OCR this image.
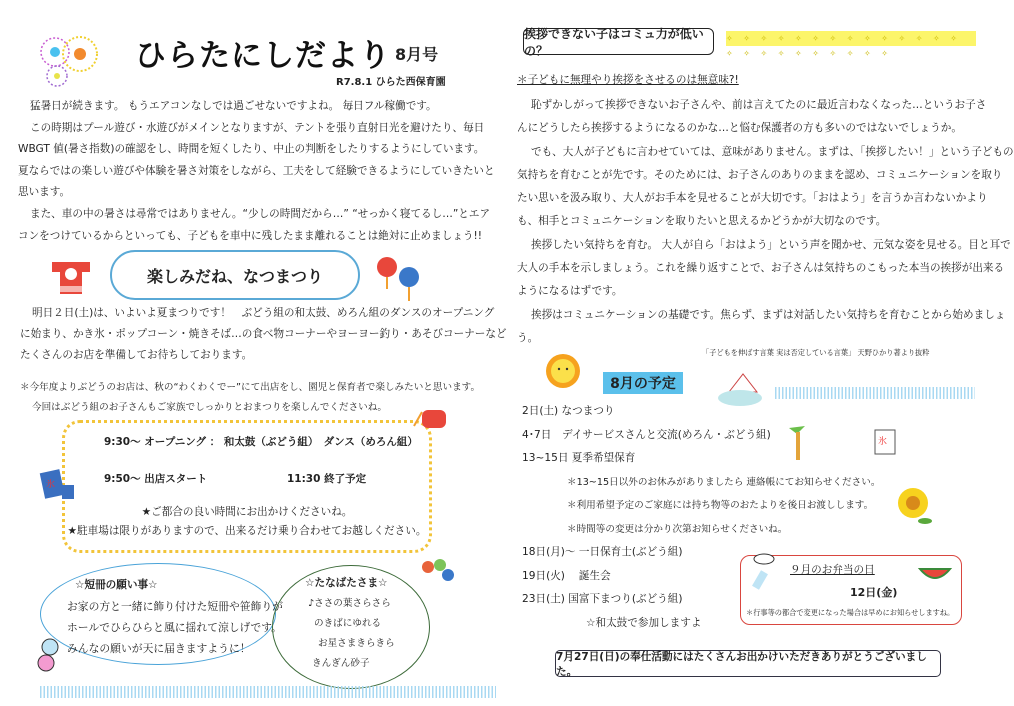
ひらたにしだより 8月号
R7.8.1 ひらた西保育園
猛暑日が続きます。 もうエアコンなしでは過ごせないですよね。 毎日フル稼働です。
この時期はプール遊び・水遊びがメインとなりますが、テントを張り直射日光を避けたり、毎日
WBGT 値(暑さ指数)の確認をし、時間を短くしたり、中止の判断をしたりするようにしています。
夏ならではの楽しい遊びや体験を暑さ対策をしながら、工夫をして経験できるようにしていきたいと
思います。
また、車の中の暑さは尋常ではありません。“少しの時間だから…” “せっかく寝てるし…”とエア
コンをつけているからといっても、子どもを車中に残したまま離れることは絶対に止めましょう!!
楽しみだね、なつまつり
明日２日(土)は、いよいよ夏まつりです！　ぶどう組の和太鼓、めろん組のダンスのオープニング
に始まり、かき氷・ポップコーン・焼きそば…の食べ物コーナーやヨーヨー釣り・あそびコーナーなど
たくさんのお店を準備してお待ちしております。
＊今年度よりぶどうのお店は、秋の“わくわくでー”にて出店をし、園児と保育者で楽しみたいと思います。
今回はぶどう組のお子さんもご家族でしっかりとおまつりを楽しんでくださいね。
9:30～ オープニング ： 和太鼓（ぶどう組）　ダンス（めろん組）
9:50～ 出店スタート	11:30 終了予定
★ご都合の良い時間にお出かけくださいね。
★駐車場は限りがありますので、出来るだけ乗り合わせてお越しください。
氷
☆短冊の願い事☆
お家の方と一緒に飾り付けた短冊や笹飾りが
ホールでひらひらと風に揺れて涼しげです。
みんなの願いが天に届きますように！
☆たなばたさま☆
♪ささの葉さらさら
のきばにゆれる
お星さまきらきら
きんぎん砂子
挨拶できない子はコミュ力が低いの？
✧ ✧ ✧ ✧ ✧ ✧ ✧ ✧ ✧ ✧ ✧ ✧ ✧ ✧ ✧ ✧ ✧ ✧ ✧ ✧ ✧ ✧ ✧ ✧
＊子どもに無理やり挨拶をさせるのは無意味?!
恥ずかしがって挨拶できないお子さんや、前は言えてたのに最近言わなくなった…というお子さ
んにどうしたら挨拶するようになるのかな…と悩む保護者の方も多いのではないでしょうか。
でも、大人が子どもに言わせていては、意味がありません。まずは、「挨拶したい！」という子どもの
気持ちを育むことが先です。そのためには、お子さんのありのままを認め、コミュニケーションを取り
たい思いを汲み取り、大人がお手本を見せることが大切です。「おはよう」を言うか言わないかより
も、相手とコミュニケーションを取りたいと思えるかどうかが大切なのです。
挨拶したい気持ちを育む。 大人が自ら「おはよう」という声を聞かせ、元気な姿を見せる。目と耳で
大人の手本を示しましょう。これを繰り返すことで、お子さんは気持ちのこもった本当の挨拶が出来る
ようになるはずです。
挨拶はコミュニケーションの基礎です。焦らず、まずは対話したい気持ちを育むことから始めましょ
う。
「子どもを伸ばす言葉 実は否定している言葉」 天野ひかり著より抜粋
8月の予定
2日(土) なつまつり
4･7日　デイサービスさんと交流(めろん・ぶどう組)
13~15日 夏季希望保育
＊13~15日以外のお休みがありましたら 連絡帳にてお知らせください。
＊利用希望予定のご家庭には持ち物等のおたよりを後日お渡しします。
＊時間等の変更は分かり次第お知らせくださいね。
18日(月)～ 一日保育士(ぶどう組)
19日(火)　 誕生会
23日(土) 国富下まつり(ぶどう組)
☆和太鼓で参加しますよ
氷
９月のお弁当の日
12日(金)
＊行事等の都合で変更になった場合は早めにお知らせしますね。
7月27日(日)の奉仕活動にはたくさんお出かけいただきありがとうございました。
